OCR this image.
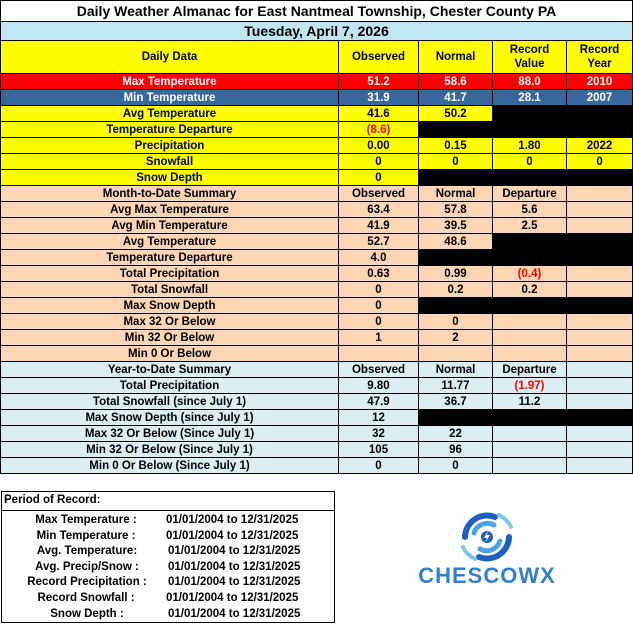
Daily Weather Almanac for East Nantmeal Township, Chester County PA				
Tuesday, April 7, 2026				
Daily Data	Observed	Normal	Record Value	Record Year
Max Temperature	51.2	58.6	88.0	2010
Min Temperature	31.9	41.7	28.1	2007
Avg Temperature	41.6	50.2		
Temperature Departure	(8.6)			
Precipitation	0.00	0.15	1.80	2022
Snowfall	0	0	0	0
Snow Depth	0			
Month-to-Date Summary	Observed	Normal	Departure	
Avg Max Temperature	63.4	57.8	5.6	
Avg Min Temperature	41.9	39.5	2.5	
Avg Temperature	52.7	48.6		
Temperature Departure	4.0			
Total Precipitation	0.63	0.99	(0.4)	
Total Snowfall	0	0.2	0.2	
Max Snow Depth	0			
Max 32 Or Below	0	0		
Min 32 Or Below	1	2		
Min 0 Or Below				
Year-to-Date Summary	Observed	Normal	Departure	
Total Precipitation	9.80	11.77	(1.97)	
Total Snowfall (since July 1)	47.9	36.7	11.2	
Max Snow Depth (since July 1)	12			
Max 32 Or Below (Since July 1)	32	22		
Min 32 Or Below (Since July 1)	105	96		
Min 0 Or Below (Since July 1)	0	0		
Period of Record:
Max Temperature :	01/01/2004 to 12/31/2025
Min Temperature :	01/01/2004 to 12/31/2025
Avg. Temperature:	01/01/2004 to 12/31/2025
Avg. Precip/Snow :	01/01/2004 to 12/31/2025
Record Precipitation : 01/01/2004 to 12/31/2025
Record Snowfall :	01/01/2004 to 12/31/2025
Snow Depth :	01/01/2004 to 12/31/2025
CHESCOWX
